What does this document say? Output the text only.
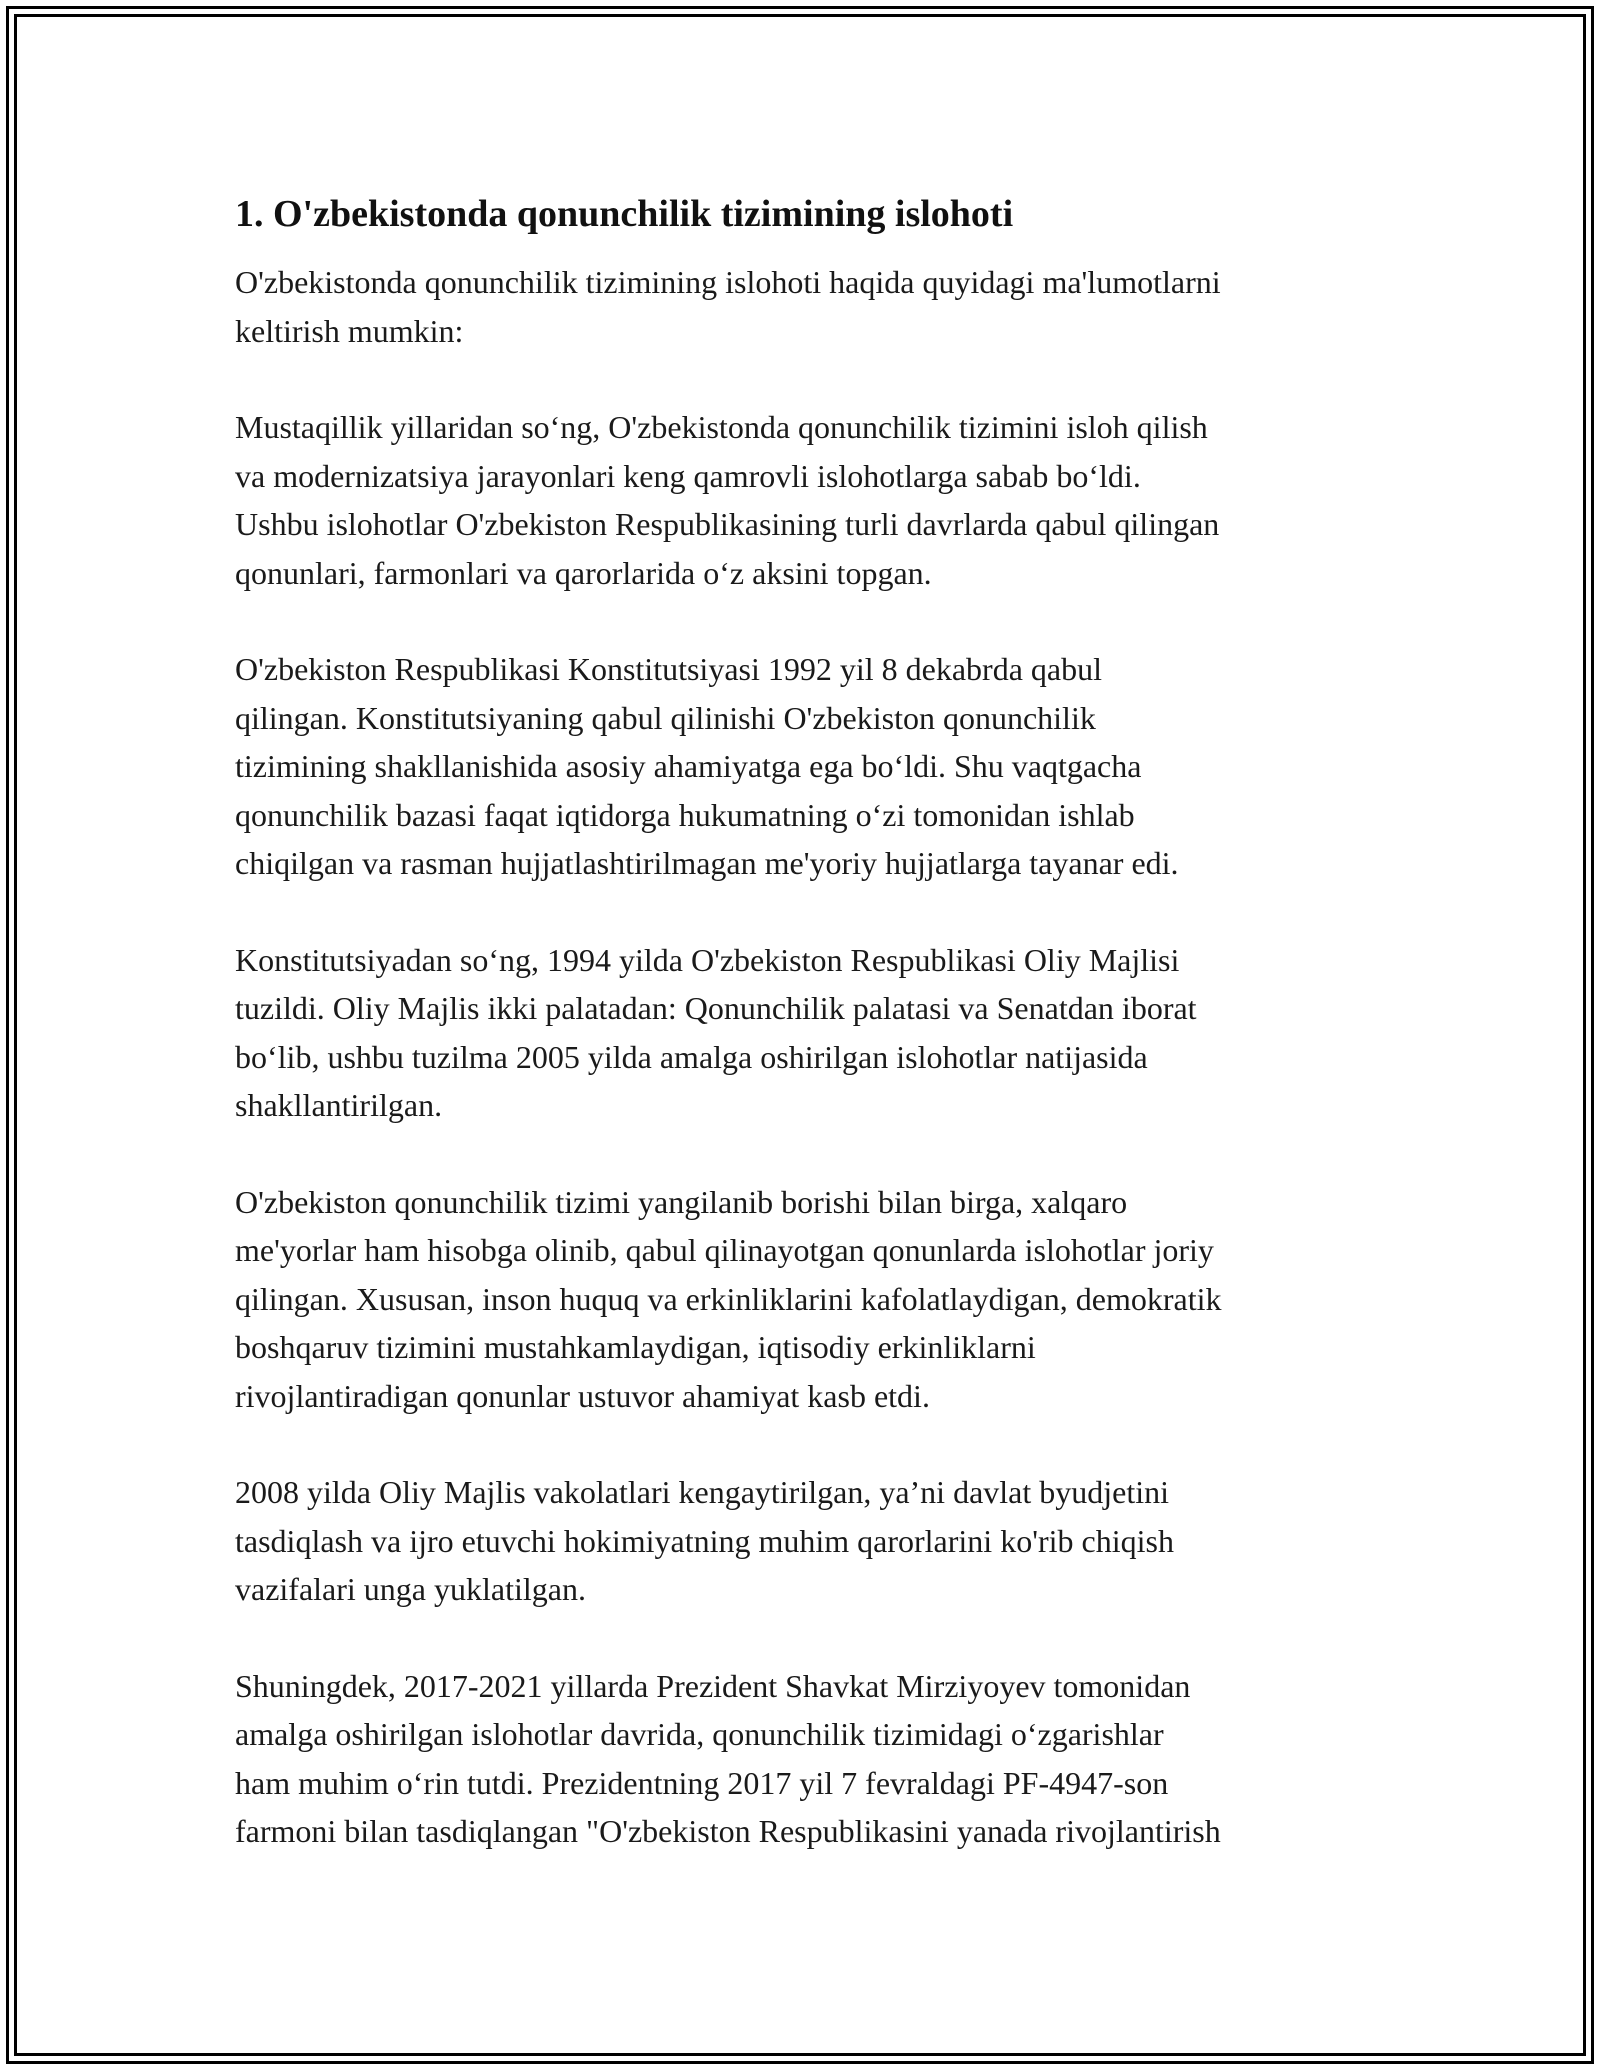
1. O'zbekistonda qonunchilik tizimining islohoti

O'zbekistonda qonunchilik tizimining islohoti haqida quyidagi ma'lumotlarni
keltirish mumkin:

Mustaqillik yillaridan so‘ng, O'zbekistonda qonunchilik tizimini isloh qilish
va modernizatsiya jarayonlari keng qamrovli islohotlarga sabab bo‘ldi.
Ushbu islohotlar O'zbekiston Respublikasining turli davrlarda qabul qilingan
qonunlari, farmonlari va qarorlarida o‘z aksini topgan.

O'zbekiston Respublikasi Konstitutsiyasi 1992 yil 8 dekabrda qabul
qilingan. Konstitutsiyaning qabul qilinishi O'zbekiston qonunchilik
tizimining shakllanishida asosiy ahamiyatga ega bo‘ldi. Shu vaqtgacha
qonunchilik bazasi faqat iqtidorga hukumatning o‘zi tomonidan ishlab
chiqilgan va rasman hujjatlashtirilmagan me'yoriy hujjatlarga tayanar edi.

Konstitutsiyadan so‘ng, 1994 yilda O'zbekiston Respublikasi Oliy Majlisi
tuzildi. Oliy Majlis ikki palatadan: Qonunchilik palatasi va Senatdan iborat
bo‘lib, ushbu tuzilma 2005 yilda amalga oshirilgan islohotlar natijasida
shakllantirilgan.

O'zbekiston qonunchilik tizimi yangilanib borishi bilan birga, xalqaro
me'yorlar ham hisobga olinib, qabul qilinayotgan qonunlarda islohotlar joriy
qilingan. Xususan, inson huquq va erkinliklarini kafolatlaydigan, demokratik
boshqaruv tizimini mustahkamlaydigan, iqtisodiy erkinliklarni
rivojlantiradigan qonunlar ustuvor ahamiyat kasb etdi.

2008 yilda Oliy Majlis vakolatlari kengaytirilgan, ya’ni davlat byudjetini
tasdiqlash va ijro etuvchi hokimiyatning muhim qarorlarini ko'rib chiqish
vazifalari unga yuklatilgan.

Shuningdek, 2017-2021 yillarda Prezident Shavkat Mirziyoyev tomonidan
amalga oshirilgan islohotlar davrida, qonunchilik tizimidagi o‘zgarishlar
ham muhim o‘rin tutdi. Prezidentning 2017 yil 7 fevraldagi PF-4947-son
farmoni bilan tasdiqlangan "O'zbekiston Respublikasini yanada rivojlantirish
